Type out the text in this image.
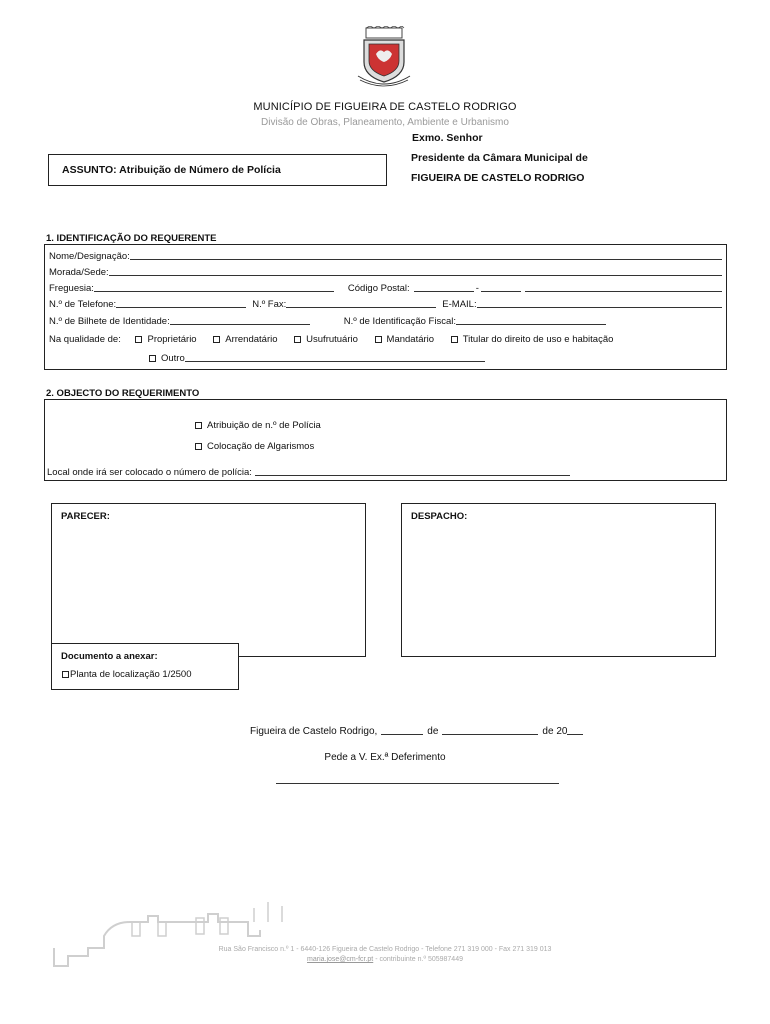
MUNICÍPIO DE FIGUEIRA DE CASTELO RODRIGO
Divisão de Obras, Planeamento, Ambiente e Urbanismo
Exmo. Senhor
Presidente da Câmara Municipal de
FIGUEIRA DE CASTELO RODRIGO
ASSUNTO: Atribuição de Número de Polícia
1. IDENTIFICAÇÃO DO REQUERENTE
Nome/Designação:
Morada/Sede:
Freguesia:	Código Postal:	-
N.º de Telefone:	N.º Fax:	E-MAIL:
N.º de Bilhete de Identidade:	N.º de Identificação Fiscal:
Na qualidade de:	Proprietário	Arrendatário	Usufrutuário	Mandatário	Titular do direito de uso e habitação
Outro
2. OBJECTO DO REQUERIMENTO
Atribuição de n.º de Polícia
Colocação de Algarismos
Local onde irá ser colocado o número de polícia:
PARECER:	DESPACHO:
Documento a anexar:
Planta de localização 1/2500
Figueira de Castelo Rodrigo,	de	de 20
Pede a V. Ex.ª Deferimento
Rua São Francisco n.º 1 - 6440-126 Figueira de Castelo Rodrigo - Telefone 271 319 000 - Fax 271 319 013
maria.jose@cm-fcr.pt - contribuinte n.º 505987449
